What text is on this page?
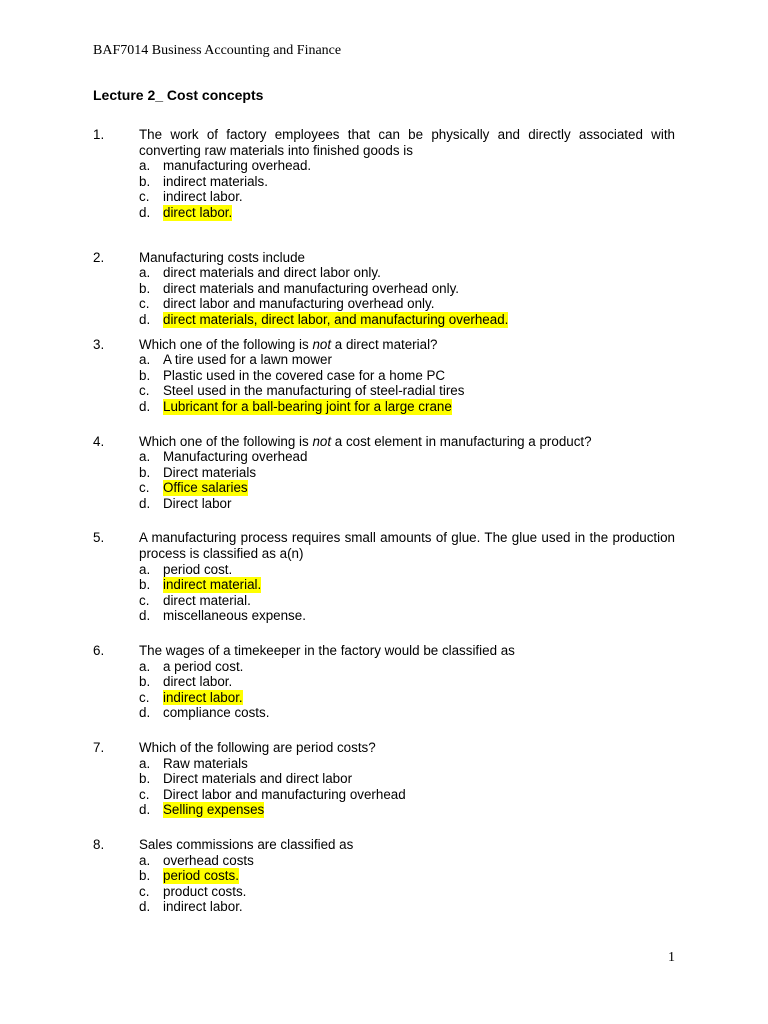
BAF7014 Business Accounting and Finance
Lecture 2_ Cost concepts
1.	The work of factory employees that can be physically and directly associated with converting raw materials into finished goods is
a. manufacturing overhead.
b. indirect materials.
c.	indirect labor.
d. direct labor.
2.	Manufacturing costs include
a. direct materials and direct labor only.
b. direct materials and manufacturing overhead only.
c.	direct labor and manufacturing overhead only.
d. direct materials, direct labor, and manufacturing overhead.
3.	Which one of the following is not a direct material?
a. A tire used for a lawn mower
b. Plastic used in the covered case for a home PC
c.	Steel used in the manufacturing of steel-radial tires
d. Lubricant for a ball-bearing joint for a large crane
4.	Which one of the following is not a cost element in manufacturing a product?
a. Manufacturing overhead
b. Direct materials
c.	Office salaries
d. Direct labor
5.	A manufacturing process requires small amounts of glue. The glue used in the production process is classified as a(n)
a. period cost.
b. indirect material.
c.	direct material.
d. miscellaneous expense.
6.	The wages of a timekeeper in the factory would be classified as
a. a period cost.
b. direct labor.
c.	indirect labor.
d. compliance costs.
7.	Which of the following are period costs?
a. Raw materials
b. Direct materials and direct labor
c.	Direct labor and manufacturing overhead
d. Selling expenses
8.	Sales commissions are classified as
a. overhead costs
b. period costs.
c.	product costs.
d. indirect labor.
1
